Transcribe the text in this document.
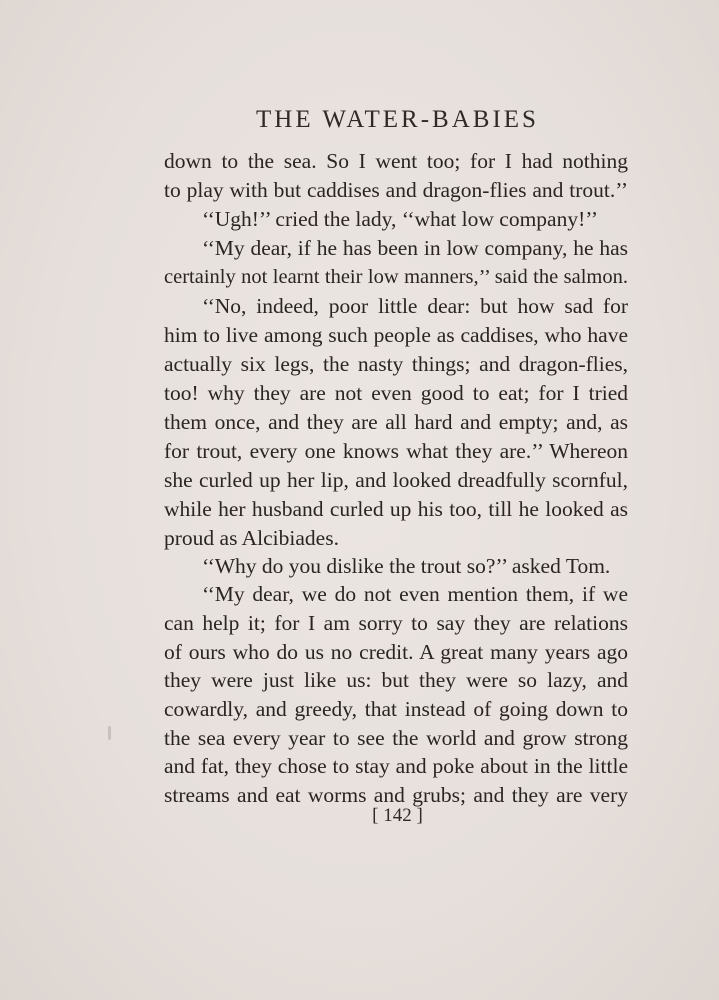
THE WATER-BABIES
down to the sea. So I went too; for I had nothing
to play with but caddises and dragon-flies and trout.’’
‘‘Ugh!’’ cried the lady, ‘‘what low company!’’
‘‘My dear, if he has been in low company, he has
certainly not learnt their low manners,’’ said the salmon.
‘‘No, indeed, poor little dear: but how sad for
him to live among such people as caddises, who have
actually six legs, the nasty things; and dragon-flies,
too! why they are not even good to eat; for I tried
them once, and they are all hard and empty; and, as
for trout, every one knows what they are.’’ Whereon
she curled up her lip, and looked dreadfully scornful,
while her husband curled up his too, till he looked as
proud as Alcibiades.
‘‘Why do you dislike the trout so?’’ asked Tom.
‘‘My dear, we do not even mention them, if we
can help it; for I am sorry to say they are relations
of ours who do us no credit. A great many years ago
they were just like us: but they were so lazy, and
cowardly, and greedy, that instead of going down to
the sea every year to see the world and grow strong
and fat, they chose to stay and poke about in the little
streams and eat worms and grubs; and they are very
[ 142 ]
